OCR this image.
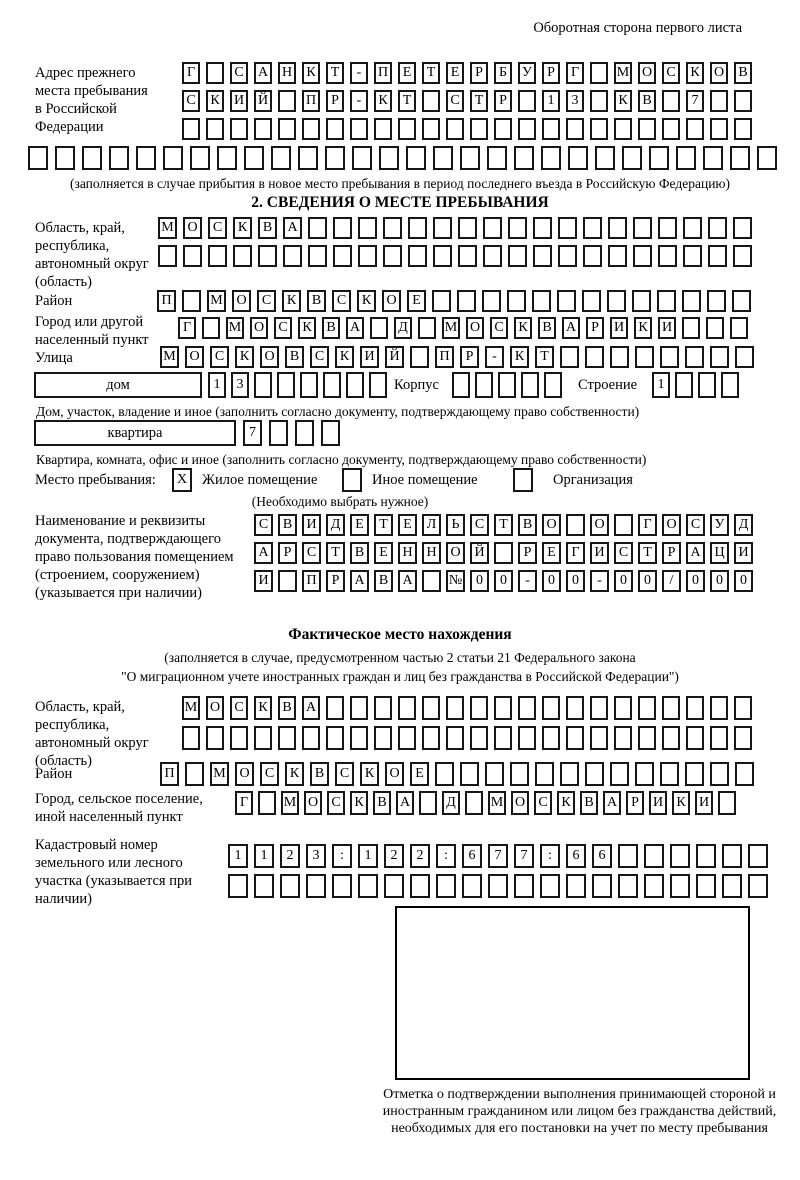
Оборотная сторона первого листа
Адрес прежнего места пребывания в Российской Федерации
Г	С	А Н	К	Т	-	П	Е	Т	Е	Р	Б	У	Р	Г	М О	С	К	О	В
С	К	И Й	П	Р	-	К	Т	С	Т	Р	1	3	К	В	7
(заполняется в случае прибытия в новое место пребывания в период последнего въезда в Российскую Федерацию)
2. СВЕДЕНИЯ О МЕСТЕ ПРЕБЫВАНИЯ
Область, край, республика, автономный округ (область)
М О	С	К	В	А
Район	П	М О	С	К	В	С	К	О	Е
Город или другой населенный пункт
Г	М О	С	К	В	А	Д	М О	С	К	В	А	Р	И	К	И
Улица	М О	С	К	О	В	С	К	И	Й	П	Р	-	К	Т
дом	1	3	Корпус	Строение	1
Дом, участок, владение и иное (заполнить согласно документу, подтверждающему право собственности)
квартира	7
Квартира, комната, офис и иное (заполнить согласно документу, подтверждающему право собственности)
Место пребывания:	X	Жилое помещение	Иное помещение	Организация
(Необходимо выбрать нужное)
Наименование и реквизиты документа, подтверждающего право пользования помещением (строением, сооружением) (указывается при наличии)
С	В	И	Д	Е	Т	Е	Л	Ь	С	Т	В	О	О	Г	О	С	У	Д
А	Р	С	Т	В	Е	Н Н О Й	Р	Е	Г	И	С	Т	Р	А Ц И
И	П	Р	А	В	А	№ 0	0	-	0	0	-	0	0	/	0	0	0
Фактическое место нахождения
(заполняется в случае, предусмотренном частью 2 статьи 21 Федерального закона
"О миграционном учете иностранных граждан и лиц без гражданства в Российской Федерации")
Область, край, республика, автономный округ (область)
М О	С	К	В	А
Район	П	М О	С	К	В	С	К	О	Е
Город, сельское поселение, иной населенный пункт
Г	М О С К В А	Д	М О С К В А	Р	И К И
Кадастровый номер земельного или лесного участка (указывается при наличии)
1	1	2	3	:	1	2	2	:	6	7	7	:	6	6
Отметка о подтверждении выполнения принимающей стороной и иностранным гражданином или лицом без гражданства действий, необходимых для его постановки на учет по месту пребывания
